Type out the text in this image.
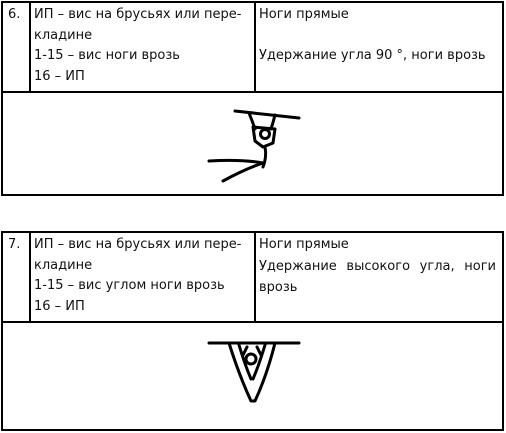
6.	ИП – вис на брусьях или пере-
кладине
1-15 – вис ноги врозь
16 – ИП
Ноги прямые

Удержание угла 90 °, ноги врозь
7.	ИП – вис на брусьях или пере-
кладине
1-15 – вис углом ноги врозь
16 – ИП
Ноги прямые
Удержание высокого угла, ноги врозь
